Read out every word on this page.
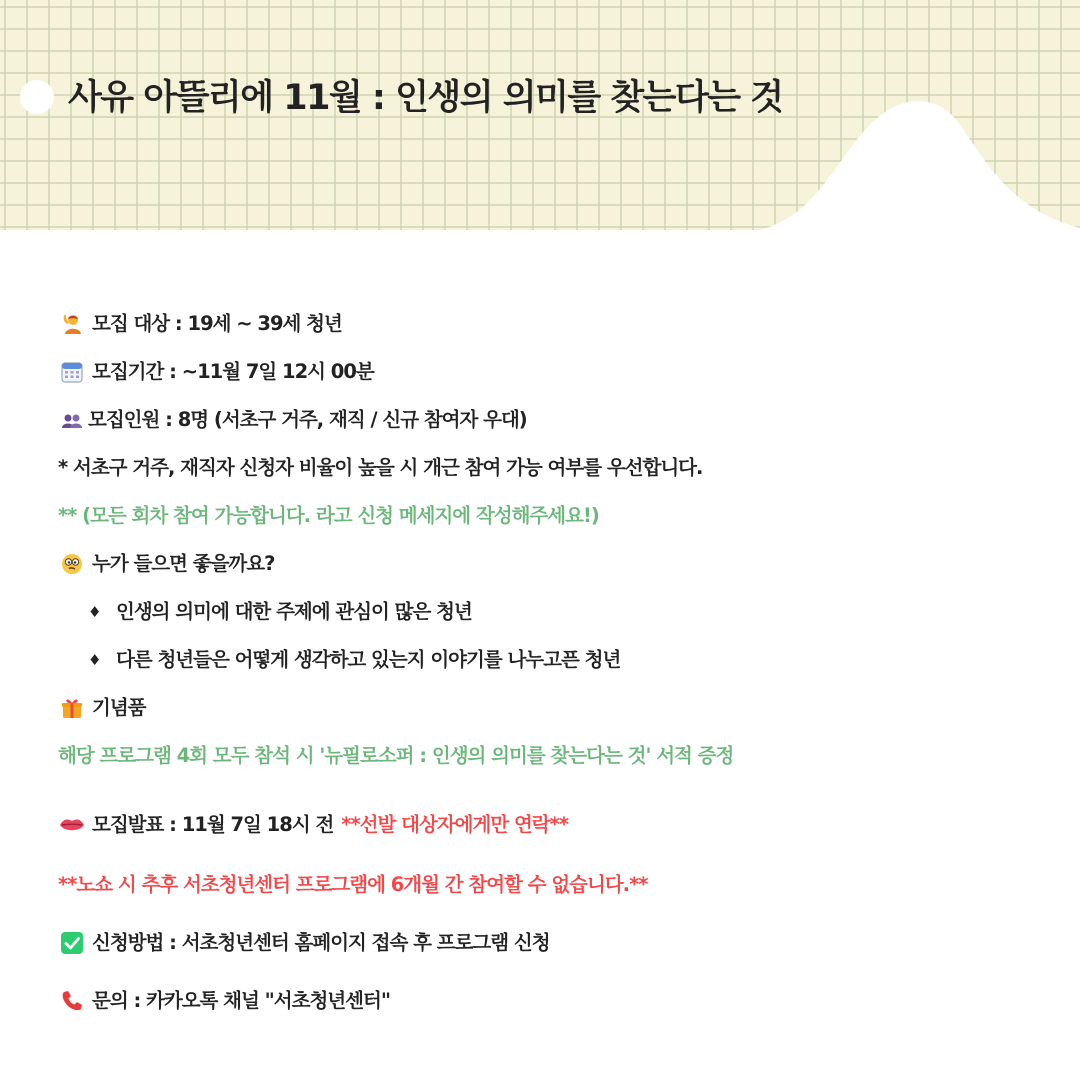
사유 아뜰리에 11월 : 인생의 의미를 찾는다는 것
모집 대상 : 19세 ~ 39세 청년
모집기간 : ~11월 7일 12시 00분
모집인원 : 8명 (서초구 거주, 재직 / 신규 참여자 우대)
* 서초구 거주, 재직자 신청자 비율이 높을 시 개근 참여 가능 여부를 우선합니다.
** (모든 회차 참여 가능합니다. 라고 신청 메세지에 작성해주세요!)
누가 들으면 좋을까요?
♦ 인생의 의미에 대한 주제에 관심이 많은 청년
♦ 다른 청년들은 어떻게 생각하고 있는지 이야기를 나누고픈 청년
기념품
해당 프로그램 4회 모두 참석 시 '뉴필로소퍼 : 인생의 의미를 찾는다는 것' 서적 증정
모집발표 : 11월 7일 18시 전 **선발 대상자에게만 연락**
**노쇼 시 추후 서초청년센터 프로그램에 6개월 간 참여할 수 없습니다.**
신청방법 : 서초청년센터 홈페이지 접속 후 프로그램 신청
문의 : 카카오톡 채널 "서초청년센터"
